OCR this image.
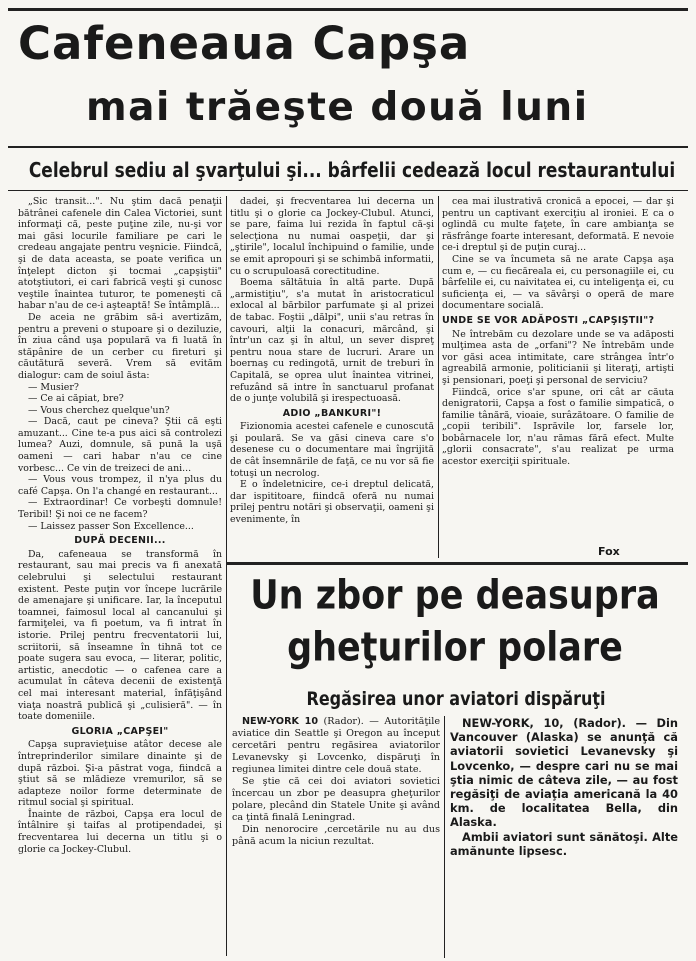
Cafeneaua Capşa
mai trăeşte două luni
Celebrul sediu al şvarţului şi... bârfelii cedează locul restaurantului

„Sic transit...". Nu ştim dacă penaţii bătrânei cafenele din Calea Victoriei, sunt informaţi că, peste puţine zile, nu-şi vor mai găsi locurile familiare pe cari le credeau angajate pentru veşnicie. Fiindcă, şi de data aceasta, se poate verifica un înţelept dicton şi tocmai „capşiştii" atotştiutori, ei cari fabrică veşti şi cunosc veştile înaintea tuturor, te pomeneşti că habar n'au de ce-i aşteaptă! Se întâmplă...

De aceia ne grăbim să-i avertizăm, pentru a preveni o stupoare şi o deziluzie, în ziua când uşa populară va fi luată în stăpânire de un cerber cu fireturi şi căutătură severă. Vrem să evităm dialogur: cam de soiul ăsta:

— Musier?

— Ce ai căpiat, bre?

— Vous cherchez quelque'un?

— Dacă, caut pe cineva? Ştii că eşti amuzant... Cine te-a pus aici să controlezi lumea? Auzi, domnule, să pună la uşă oameni — cari habar n'au ce cine vorbesc... Ce vin de treizeci de ani...

— Vous vous trompez, il n'ya plus du café Capşa. On l'a changé en restaurant...

— Extraordinar! Ce vorbeşti domnule! Teribil! Şi noi ce ne facem?

— Laissez passer Son Excellence...

DUPĂ DECENII...

Da, cafeneaua se transformă în restaurant, sau mai precis va fi anexată celebrului şi selectului restaurant existent. Peste puţin vor începe lucrările de amenajare şi unificare. Iar, la începutul toamnei, faimosul local al cancanului şi farmiţelei, va fi poetum, va fi intrat în istorie. Prilej pentru frecventatorii lui, scriitorii, să înseamne în tihnă tot ce poate sugera sau evoca, — literar, politic, artistic, anecdotic — o cafenea care a acumulat în câteva decenii de existenţă cel mai interesant material, înfăţişând viaţa noastră publică şi „culisieră". — în toate domeniile.

GLORIA „CAPŞEI"

Capşa supravieţuise atâtor decese ale întreprinderilor similare dinainte şi de după război. Şi-a păstrat voga, fiindcă a ştiut să se mlădieze vremurilor, să se adapteze noilor forme determinate de ritmul social şi spiritual.

Înainte de război, Capşa era locul de întâlnire şi taifas al protipendadei, şi frecventarea lui decerna un titlu şi o glorie ca Jockey-Clubul.

dadei, şi frecventarea lui decerna un titlu şi o glorie ca Jockey-Clubul. Atunci, se pare, faima lui rezida în faptul că-şi selecţiona nu numai oaspeţii, dar şi „ştirile", localul închipuind o familie, unde se emit apropouri şi se schimbă informatii, cu o scrupuloasă corectitudine.

Boema săltătuia în altă parte. După „armistiţiu", s'a mutat în aristocraticul exlocal al bărbilor parfumate şi al prizei de tabac. Foştii „dălpi", unii s'au retras în cavouri, alţii la conacuri, mărcând, şi într'un caz şi în altul, un sever dispreţ pentru noua stare de lucruri. Arare un boernaş cu redingotă, urnit de treburi în Capitală, se oprea ulut înaintea vitrinei, refuzând să intre în sanctuarul profanat de o junţe volubilă şi irespectuoasă.

ADIO „BANKURI"!

Fizionomia acestei cafenele e cunoscută şi poulară. Se va găsi cineva care s'o desenese cu o documentare mai îngrijită de cât însemnările de faţă, ce nu vor să fie totuşi un necrolog.

E o îndeletnicire, ce-i dreptul delicată, dar ispititoare, fiindcă oferă nu numai prilej pentru notări şi observaţii, oameni şi evenimente, în

cea mai ilustrativă cronică a epocei, — dar şi pentru un captivant exerciţiu al ironiei. E ca o oglindă cu multe faţete, în care ambianţa se răsfrânge foarte interesant, deformată. E nevoie ce-i dreptul şi de puţin curaj...

Cine se va încumeta să ne arate Capşa aşa cum e, — cu fiecăreala ei, cu personagiile ei, cu bârfelile ei, cu naivitatea ei, cu inteligenţa ei, cu suficienţa ei, — va săvârşi o operă de mare documentare socială.

UNDE SE VOR ADĂPOSTI „CAPŞIŞTII"?

Ne întrebăm cu dezolare unde se va adăposti mulţimea asta de „orfani"? Ne întrebăm unde vor găsi acea intimitate, care strângea într'o agreabilă armonie, politicianii şi literaţi, artişti şi pensionari, poeţi şi personal de serviciu?

Fiindcă, orice s'ar spune, ori cât ar căuta denigratorii, Capşa a fost o familie simpatică, o familie tânără, vioaie, surâzătoare. O familie de „copii teribili". Isprăvile lor, farsele lor, bobârnacele lor, n'au rămas fără efect. Multe „glorii consacrate", s'au realizat pe urma acestor exerciţii spirituale.

Fox
Un zbor pe deasupra
gheţurilor polare
Regăsirea unor aviatori dispăruţi

NEW-YORK 10 (Rador). — Autorităţile aviatice din Seattle şi Oregon au început cercetări pentru regăsirea aviatorilor Levanevsky şi Lovcenko, dispăruţi în regiunea limitei dintre cele două state.

Se ştie că cei doi aviatori sovietici încercau un zbor pe deasupra gheţurilor polare, plecând din Statele Unite şi având ca ţintă finală Leningrad.

Din nenorocire ,cercetările nu au dus până acum la niciun rezultat.

NEW-YORK, 10, (Rador). — Din Vancouver (Alaska) se anunţă că aviatorii sovietici Levanevsky şi Lovcenko, — despre cari nu se mai ştia nimic de câteva zile, — au fost regăsiţi de aviaţia americană la 40 km. de localitatea Bella, din Alaska.

Ambii aviatori sunt sănătoşi. Alte amănunte lipsesc.
